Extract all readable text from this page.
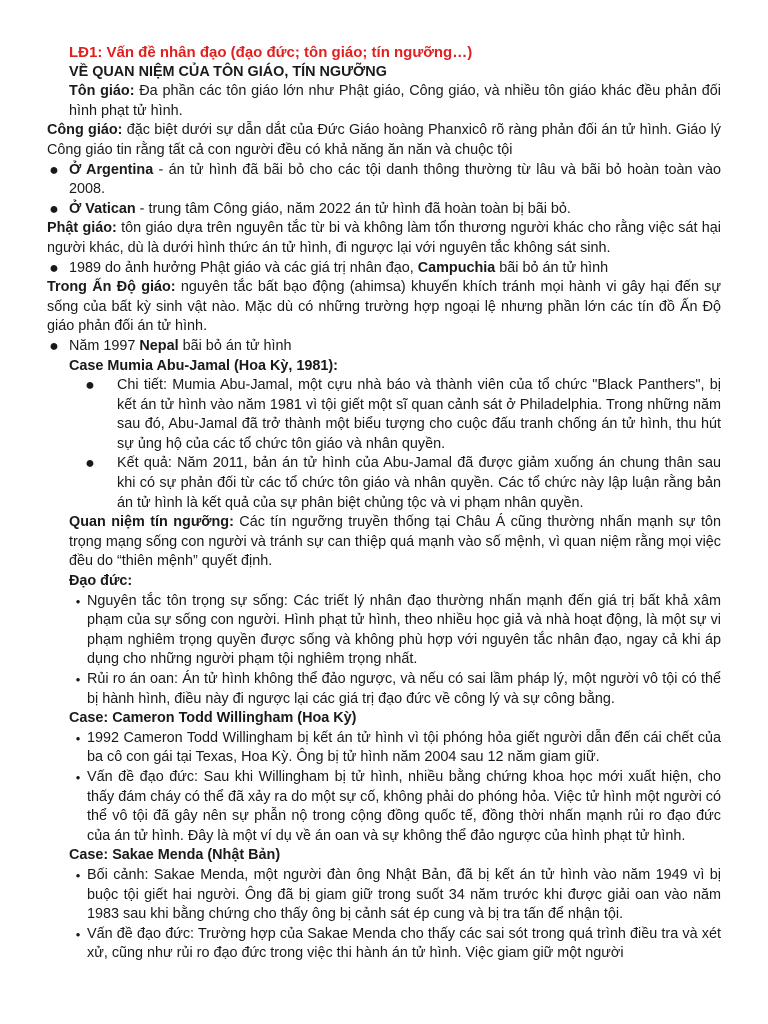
LĐ1: Vấn đề nhân đạo (đạo đức; tôn giáo; tín ngưỡng…)

VỀ QUAN NIỆM CỦA TÔN GIÁO, TÍN NGƯỠNG

Tôn giáo: Đa phần các tôn giáo lớn như Phật giáo, Công giáo, và nhiều tôn giáo khác đều phản đối hình phạt tử hình.

Công giáo: đặc biệt dưới sự dẫn dắt của Đức Giáo hoàng Phanxicô rõ ràng phản đối án tử hình. Giáo lý Công giáo tin rằng tất cả con người đều có khả năng ăn năn và chuộc tội

● Ở Argentina - án tử hình đã bãi bỏ cho các tội danh thông thường từ lâu và bãi bỏ hoàn toàn vào 2008.
● Ở Vatican - trung tâm Công giáo, năm 2022 án tử hình đã hoàn toàn bị bãi bỏ.

Phật giáo: tôn giáo dựa trên nguyên tắc từ bi và không làm tổn thương người khác cho rằng việc sát hại người khác, dù là dưới hình thức án tử hình, đi ngược lại với nguyên tắc không sát sinh.

● 1989 do ảnh hưởng Phật giáo và các giá trị nhân đạo, Campuchia bãi bỏ án tử hình

Trong Ấn Độ giáo: nguyên tắc bất bạo động (ahimsa) khuyến khích tránh mọi hành vi gây hại đến sự sống của bất kỳ sinh vật nào. Mặc dù có những trường hợp ngoại lệ nhưng phần lớn các tín đồ Ấn Độ giáo phản đối án tử hình.

● Năm 1997 Nepal bãi bỏ án tử hình

Case Mumia Abu-Jamal (Hoa Kỳ, 1981):

● Chi tiết: Mumia Abu-Jamal, một cựu nhà báo và thành viên của tổ chức "Black Panthers", bị kết án tử hình vào năm 1981 vì tội giết một sĩ quan cảnh sát ở Philadelphia. Trong những năm sau đó, Abu-Jamal đã trở thành một biểu tượng cho cuộc đấu tranh chống án tử hình, thu hút sự ủng hộ của các tổ chức tôn giáo và nhân quyền.
● Kết quả: Năm 2011, bản án tử hình của Abu-Jamal đã được giảm xuống án chung thân sau khi có sự phản đối từ các tổ chức tôn giáo và nhân quyền. Các tổ chức này lập luận rằng bản án tử hình là kết quả của sự phân biệt chủng tộc và vi phạm nhân quyền.

Quan niệm tín ngưỡng: Các tín ngưỡng truyền thống tại Châu Á cũng thường nhấn mạnh sự tôn trọng mạng sống con người và tránh sự can thiệp quá mạnh vào số mệnh, vì quan niệm rằng mọi việc đều do “thiên mệnh” quyết định.

Đạo đức:

• Nguyên tắc tôn trọng sự sống: Các triết lý nhân đạo thường nhấn mạnh đến giá trị bất khả xâm phạm của sự sống con người. Hình phạt tử hình, theo nhiều học giả và nhà hoạt động, là một sự vi phạm nghiêm trọng quyền được sống và không phù hợp với nguyên tắc nhân đạo, ngay cả khi áp dụng cho những người phạm tội nghiêm trọng nhất.
• Rủi ro án oan: Án tử hình không thể đảo ngược, và nếu có sai lầm pháp lý, một người vô tội có thể bị hành hình, điều này đi ngược lại các giá trị đạo đức về công lý và sự công bằng.

Case: Cameron Todd Willingham (Hoa Kỳ)

• 1992 Cameron Todd Willingham bị kết án tử hình vì tội phóng hỏa giết người dẫn đến cái chết của ba cô con gái tại Texas, Hoa Kỳ. Ông bị tử hình năm 2004 sau 12 năm giam giữ.
• Vấn đề đạo đức: Sau khi Willingham bị tử hình, nhiều bằng chứng khoa học mới xuất hiện, cho thấy đám cháy có thể đã xảy ra do một sự cố, không phải do phóng hỏa. Việc tử hình một người có thể vô tội đã gây nên sự phẫn nộ trong cộng đồng quốc tế, đồng thời nhấn mạnh rủi ro đạo đức của án tử hình. Đây là một ví dụ về án oan và sự không thể đảo ngược của hình phạt tử hình.

Case: Sakae Menda (Nhật Bản)

• Bối cảnh: Sakae Menda, một người đàn ông Nhật Bản, đã bị kết án tử hình vào năm 1949 vì bị buộc tội giết hai người. Ông đã bị giam giữ trong suốt 34 năm trước khi được giải oan vào năm 1983 sau khi bằng chứng cho thấy ông bị cảnh sát ép cung và bị tra tấn để nhận tội.
• Vấn đề đạo đức: Trường hợp của Sakae Menda cho thấy các sai sót trong quá trình điều tra và xét xử, cũng như rủi ro đạo đức trong việc thi hành án tử hình. Việc giam giữ một người
